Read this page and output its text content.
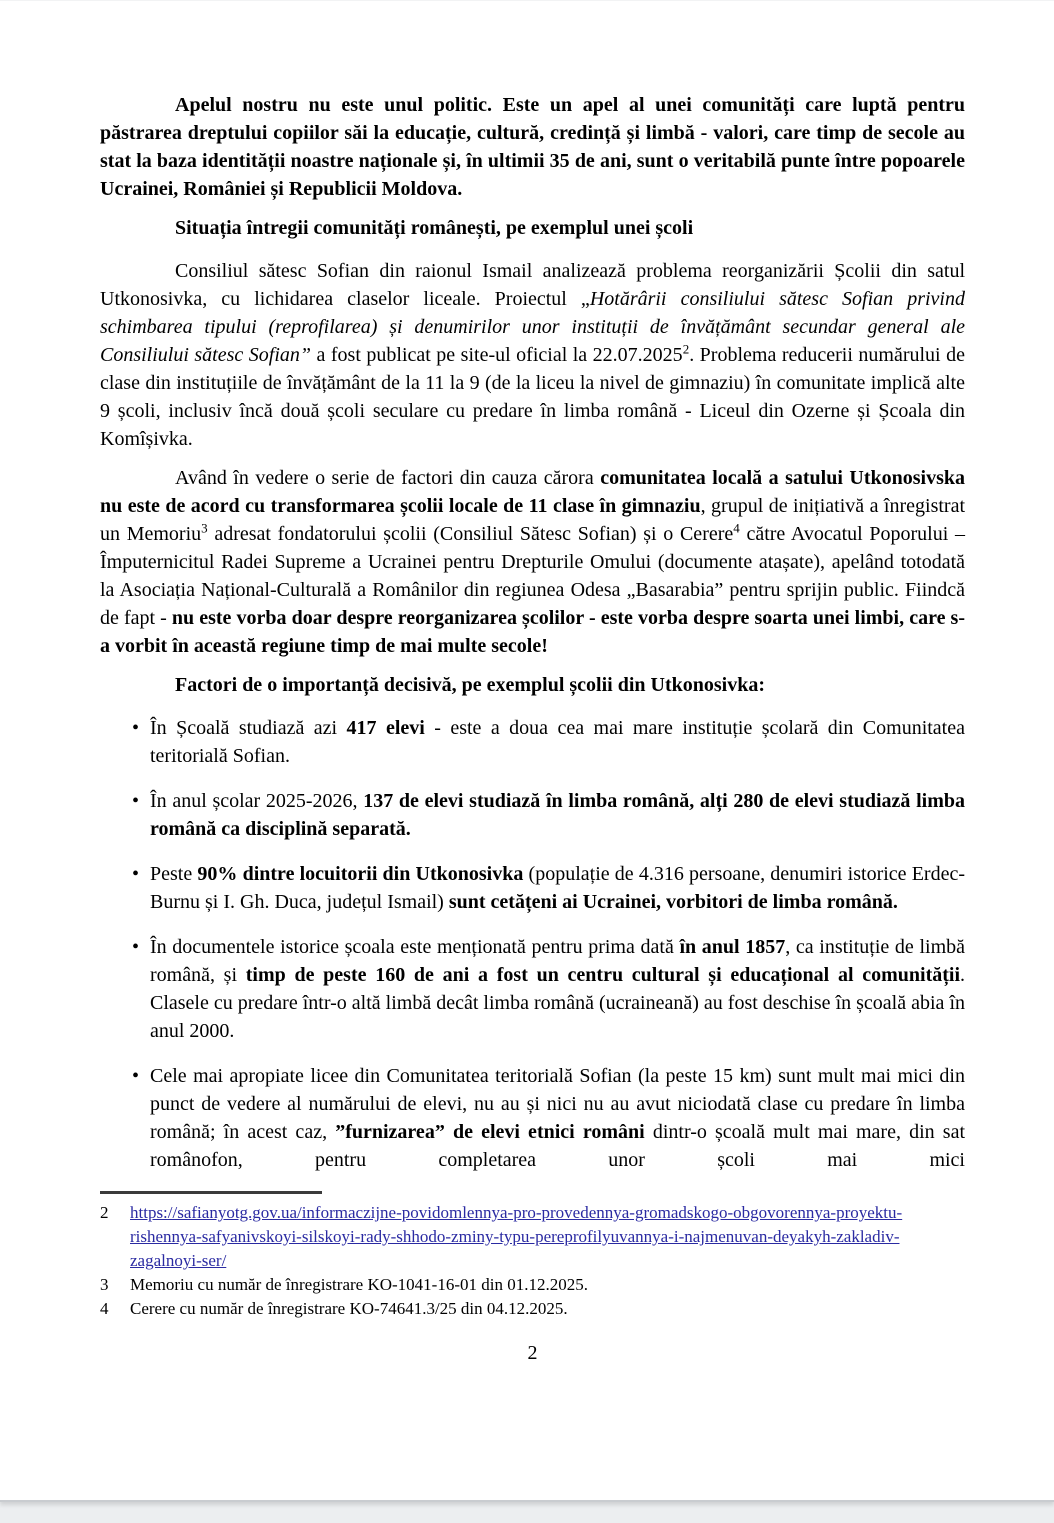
Apelul nostru nu este unul politic. Este un apel al unei comunități care luptă pentru păstrarea dreptului copiilor săi la educație, cultură, credință și limbă - valori, care timp de secole au stat la baza identității noastre naționale și, în ultimii 35 de ani, sunt o veritabilă punte între popoarele Ucrainei, României și Republicii Moldova.

Situația întregii comunități românești, pe exemplul unei școli

Consiliul sătesc Sofian din raionul Ismail analizează problema reorganizării Școlii din satul Utkonosivka, cu lichidarea claselor liceale. Proiectul „Hotărârii consiliului sătesc Sofian privind schimbarea tipului (reprofilarea) și denumirilor unor instituții de învățământ secundar general ale Consiliului sătesc Sofian” a fost publicat pe site-ul oficial la 22.07.2025$^2$. Problema reducerii numărului de clase din instituțiile de învățământ de la 11 la 9 (de la liceu la nivel de gimnaziu) în comunitate implică alte 9 școli, inclusiv încă două școli seculare cu predare în limba română - Liceul din Ozerne și Școala din Komîșivka.

Având în vedere o serie de factori din cauza cărora comunitatea locală a satului Utkonosivska nu este de acord cu transformarea școlii locale de 11 clase în gimnaziu, grupul de inițiativă a înregistrat un Memoriu$^3$ adresat fondatorului școlii (Consiliul Sătesc Sofian) și o Cerere$^4$ către Avocatul Poporului – Împuternicitul Radei Supreme a Ucrainei pentru Drepturile Omului (documente atașate), apelând totodată la Asociația Național-Culturală a Românilor din regiunea Odesa „Basarabia” pentru sprijin public. Fiindcă de fapt - nu este vorba doar despre reorganizarea școlilor - este vorba despre soarta unei limbi, care s-a vorbit în această regiune timp de mai multe secole!

Factori de o importanță decisivă, pe exemplul școlii din Utkonosivka:
• În Școală studiază azi 417 elevi - este a doua cea mai mare instituție școlară din Comunitatea teritorială Sofian.
• În anul școlar 2025-2026, 137 de elevi studiază în limba română, alți 280 de elevi studiază limba română ca disciplină separată.
• Peste 90% dintre locuitorii din Utkonosivka (populație de 4.316 persoane, denumiri istorice Erdec-Burnu și I. Gh. Duca, județul Ismail) sunt cetățeni ai Ucrainei, vorbitori de limba română.
• În documentele istorice școala este menționată pentru prima dată în anul 1857, ca instituție de limbă română, și timp de peste 160 de ani a fost un centru cultural și educațional al comunității. Clasele cu predare într-o altă limbă decât limba română (ucraineană) au fost deschise în școală abia în anul 2000.
• Cele mai apropiate licee din Comunitatea teritorială Sofian (la peste 15 km) sunt mult mai mici din punct de vedere al numărului de elevi, nu au și nici nu au avut niciodată clase cu predare în limba română; în acest caz, ”furnizarea” de elevi etnici români dintr-o școală mult mai mare, din sat românofon, pentru completarea unor școli mai mici
2	https://safianyotg.gov.ua/informaczijne-povidomlennya-pro-provedennya-gromadskogo-obgovorennya-proyektu-rishennya-safyanivskoyi-silskoyi-rady-shhodo-zminy-typu-pereprofilyuvannya-i-najmenuvan-deyakyh-zakladiv-zagalnoyi-ser/
3	Memoriu cu număr de înregistrare KO-1041-16-01 din 01.12.2025.
4	Cerere cu număr de înregistrare KO-74641.3/25 din 04.12.2025.
2
